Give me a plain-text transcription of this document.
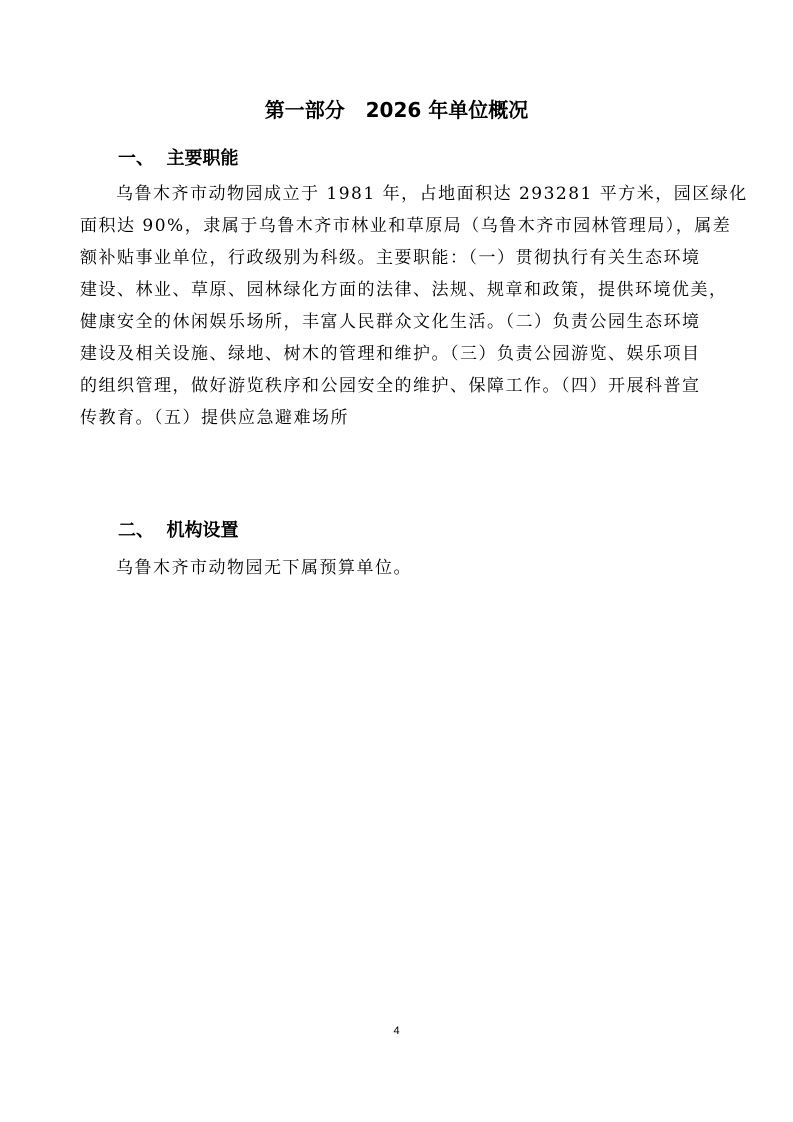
第一部分   2026 年单位概况
一、  主要职能
乌鲁木齐市动物园成立于 1981 年，占地面积达 293281 平方米，园区绿化
面积达 90%，隶属于乌鲁木齐市林业和草原局（乌鲁木齐市园林管理局），属差
额补贴事业单位，行政级别为科级。主要职能：（一）贯彻执行有关生态环境
建设、林业、草原、园林绿化方面的法律、法规、规章和政策，提供环境优美，
健康安全的休闲娱乐场所，丰富人民群众文化生活。（二）负责公园生态环境
建设及相关设施、绿地、树木的管理和维护。（三）负责公园游览、娱乐项目
的组织管理，做好游览秩序和公园安全的维护、保障工作。（四）开展科普宣
传教育。（五）提供应急避难场所
二、  机构设置
乌鲁木齐市动物园无下属预算单位。
4
